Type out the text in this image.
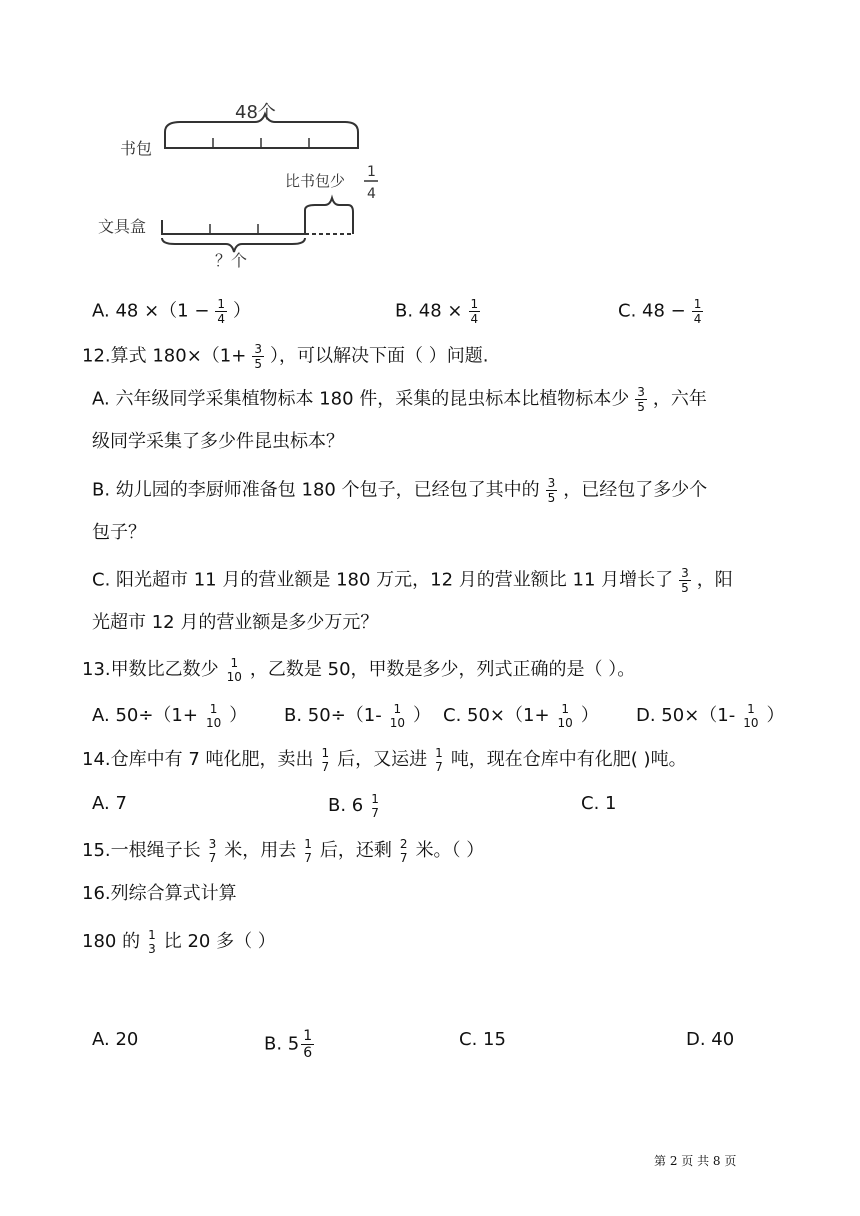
48个
书包
比书包少 1
4
文具盒
？个
A. $48 \times(1 - \frac{1}{4}$ ）	B. $48 \times \frac{1}{4}$	C. $48 - \frac{1}{4}$
12.算式 $180\times(1+ \frac{3}{5}$ ），可以解决下面（ ）问题.
A. 六年级同学采集植物标本 180 件，采集的昆虫标本比植物标本少 $\frac{3}{5}$ ，六年
级同学采集了多少件昆虫标本？
B. 幼儿园的李厨师准备包 180 个包子，已经包了其中的 $\frac{3}{5}$ ，已经包了多少个
包子？
C. 阳光超市 11 月的营业额是 180 万元，12 月的营业额比 11 月增长了 $\frac{3}{5}$ ，阳
光超市 12 月的营业额是多少万元？
13.甲数比乙数少 1
10 ，乙数是 50，甲数是多少，列式正确的是（ ）。
A. 50÷（1+ 1
10 ） B. 50÷（1- 1
10 ） C. 50×（1+ 1
10 ） D. 50×（1- 1
10 ）
14.仓库中有 7 吨化肥，卖出 1
7 后，又运进 1
7 吨，现在仓库中有化肥( )吨。
A. 7	B. 6 1
7	C. 1
15.一根绳子长 3
7 米，用去 1
7 后，还剩 2
7 米。（ ）
16.列综合算式计算
180 的 1
3 比 20 多（ ）
A. 20	B. $5 \frac{1}{6}$	C. 15	D. 40
第 2 页 共 8 页
